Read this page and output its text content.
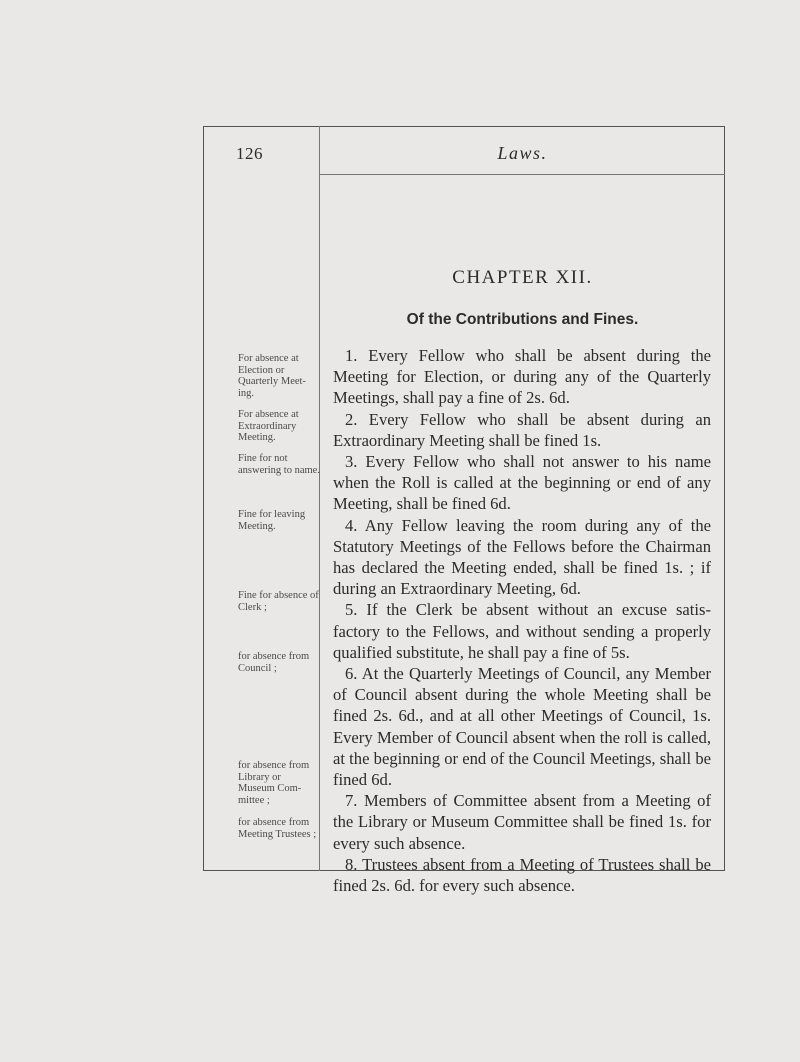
126	Laws.
CHAPTER XII.
Of the Contributions and Fines.
For absence at Election or Quarterly Meet-ing.
For absence at Extraordinary Meeting.
Fine for not answering to name.
Fine for leaving Meeting.
Fine for absence of Clerk ;
for absence from Council ;
for absence from Library or Museum Com-mittee ;
for absence from Meeting Trustees ;

1. Every Fellow who shall be absent during the Meeting for Election, or during any of the Quarterly Meetings, shall pay a fine of 2s. 6d.

2. Every Fellow who shall be absent during an Extraordinary Meeting shall be fined 1s.

3. Every Fellow who shall not answer to his name when the Roll is called at the beginning or end of any Meeting, shall be fined 6d.

4. Any Fellow leaving the room during any of the Statutory Meetings of the Fellows before the Chairman has declared the Meeting ended, shall be fined 1s. ; if during an Extraordinary Meeting, 6d.

5. If the Clerk be absent without an excuse satis-factory to the Fellows, and without sending a properly qualified substitute, he shall pay a fine of 5s.

6. At the Quarterly Meetings of Council, any Member of Council absent during the whole Meeting shall be fined 2s. 6d., and at all other Meetings of Council, 1s. Every Member of Council absent when the roll is called, at the beginning or end of the Council Meetings, shall be fined 6d.

7. Members of Committee absent from a Meeting of the Library or Museum Committee shall be fined 1s. for every such absence.

8. Trustees absent from a Meeting of Trustees shall be fined 2s. 6d. for every such absence.
